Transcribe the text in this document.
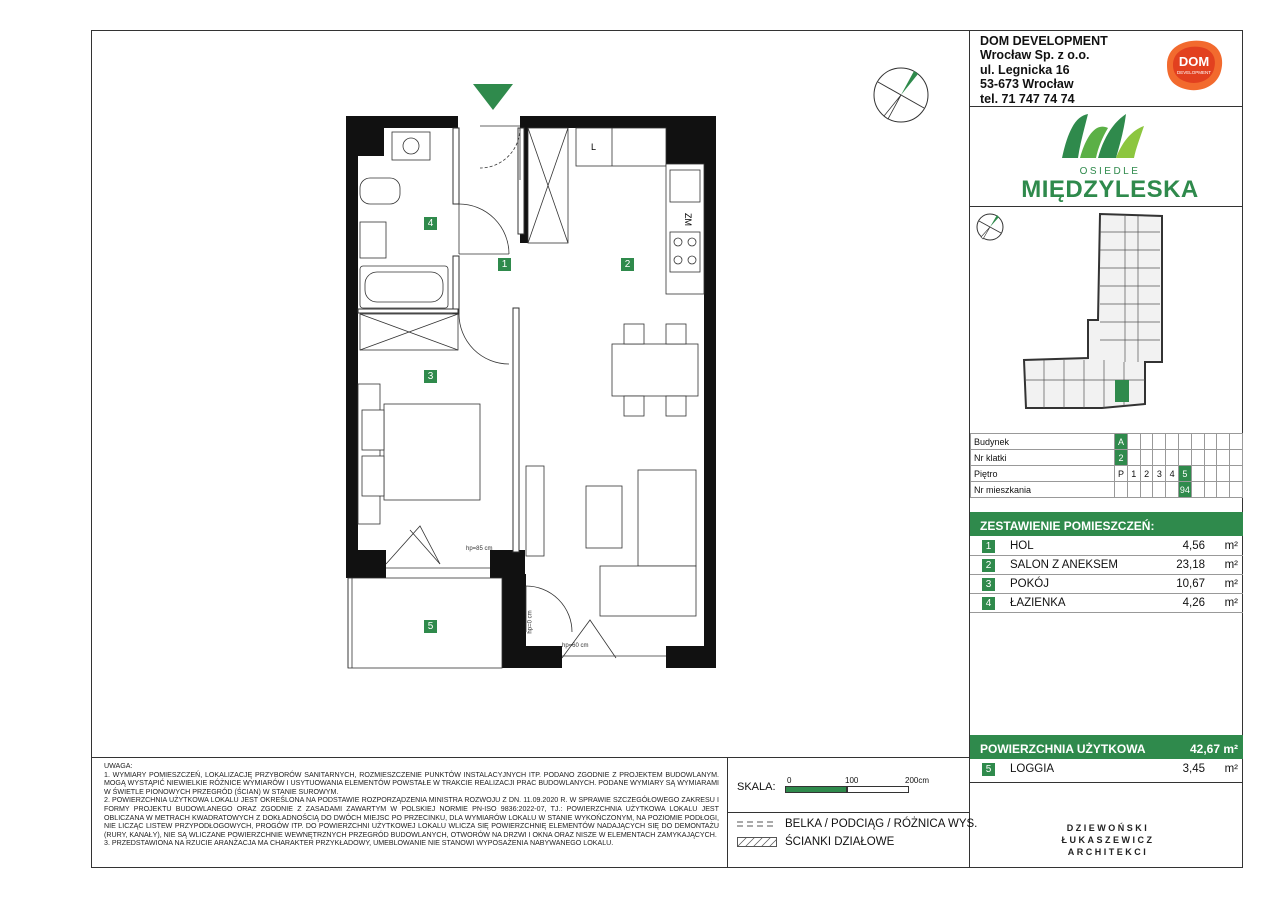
DOM DEVELOPMENT
Wrocław Sp. z o.o.
ul. Legnicka 16
53-673 Wrocław
tel. 71 747 74 74
DOM
DEVELOPMENT
OSIEDLE
MIĘDZYLESKA
Budynek	A									
Nr klatki	2									
Piętro	P	1	2	3	4	5				
Nr mieszkania						94				
ZESTAWIENIE POMIESZCZEŃ:
1	HOL	4,56 m²
2	SALON Z ANEKSEM	23,18 m²
3	POKÓJ	10,67 m²
4	ŁAZIENKA	4,26 m²
POWIERZCHNIA UŻYTKOWA	42,67 m²
5	LOGGIA	3,45 m²
DZIEWOŃSKI
ŁUKASZEWICZ
ARCHITEKCI

UWAGA:

1. WYMIARY POMIESZCZEŃ, LOKALIZACJĘ PRZYBORÓW SANITARNYCH, ROZMIESZCZENIE PUNKTÓW INSTALACYJNYCH ITP. PODANO ZGODNIE Z PROJEKTEM BUDOWLANYM. MOGĄ WYSTĄPIĆ NIEWIELKIE RÓŻNICE WYMIARÓW I USYTUOWANIA ELEMENTÓW POWSTAŁE W TRAKCIE REALIZACJI PRAC BUDOWLANYCH. PODANE WYMIARY SĄ WYMIARAMI W ŚWIETLE PIONOWYCH PRZEGRÓD (ŚCIAN) W STANIE SUROWYM.

2. POWIERZCHNIA UŻYTKOWA LOKALU JEST OKREŚLONA NA PODSTAWIE ROZPORZĄDZENIA MINISTRA ROZWOJU Z DN. 11.09.2020 R. W SPRAWIE SZCZEGÓŁOWEGO ZAKRESU I FORMY PROJEKTU BUDOWLANEGO ORAZ ZGODNIE Z ZASADAMI ZAWARTYM W POLSKIEJ NORMIE PN-ISO 9836:2022-07, TJ.: POWIERZCHNIA UŻYTKOWA LOKALU JEST OBLICZANA W METRACH KWADRATOWYCH Z DOKŁADNOŚCIĄ DO DWÓCH MIEJSC PO PRZECINKU, DLA WYMIARÓW LOKALU W STANIE WYKOŃCZONYM, NA POZIOMIE PODŁOGI, NIE LICZĄC LISTEW PRZYPODŁOGOWYCH, PROGÓW ITP. DO POWIERZCHNI UŻYTKOWEJ LOKALU WLICZA SIĘ POWIERZCHNIĘ ELEMENTÓW NADAJĄCYCH SIĘ DO DEMONTAŻU (RURY, KANAŁY), NIE SĄ WLICZANE POWIERZCHNIE WEWNĘTRZNYCH PRZEGRÓD BUDOWLANYCH, OTWORÓW NA DRZWI I OKNA ORAZ NISZE W ELEMENTACH ZAMYKAJĄCYCH.

3. PRZEDSTAWIONA NA RZUCIE ARANŻACJA MA CHARAKTER PRZYKŁADOWY, UMEBLOWANIE NIE STANOWI WYPOSAŻENIA NABYWANEGO LOKALU.

SKALA:
0	100	200cm
BELKA / PODCIĄG / RÓŻNICA WYS.
ŚCIANKI DZIAŁOWE
L
ZM
1	2
3
4
5
hp=85 cm
hp=0 cm
hp=60 cm
